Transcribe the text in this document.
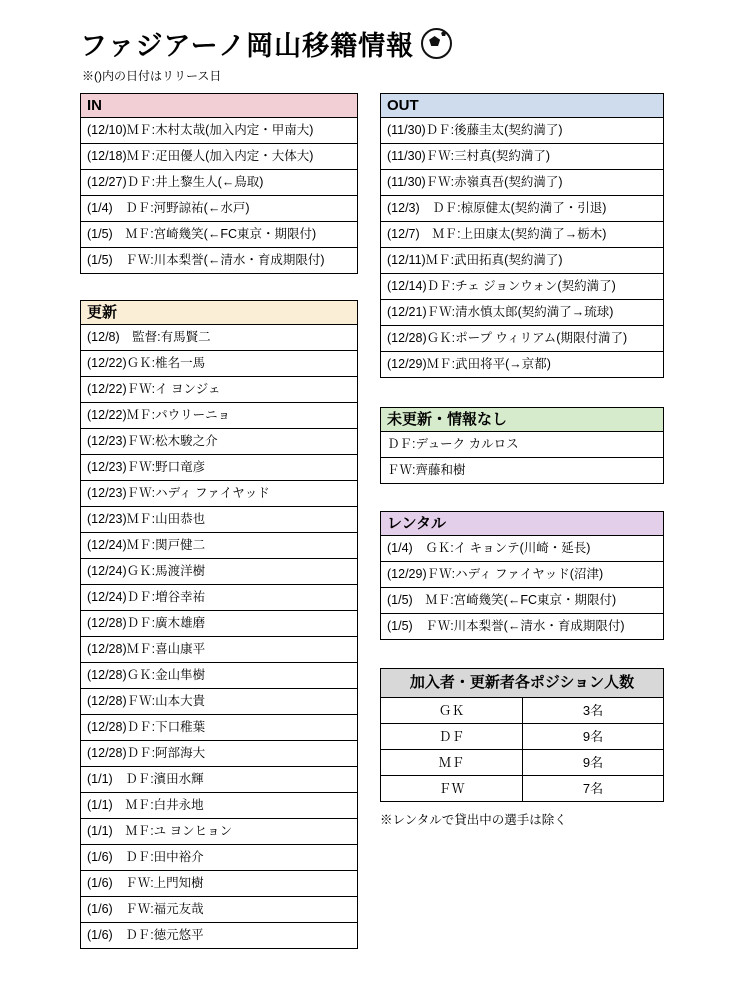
ファジアーノ岡山移籍情報
※()内の日付はリリース日
IN
(12/10)ＭＦ:木村太哉(加入内定・甲南大)
(12/18)ＭＦ:疋田優人(加入内定・大体大)
(12/27)ＤＦ:井上黎生人(←鳥取)
(1/4)　ＤＦ:河野諒祐(←水戸)
(1/5)　ＭＦ:宮崎幾笑(←FC東京・期限付)
(1/5)　ＦＷ:川本梨誉(←清水・育成期限付)
更新
(12/8)　監督:有馬賢二
(12/22)ＧＫ:椎名一馬
(12/22)ＦＷ:イ ヨンジェ
(12/22)ＭＦ:パウリーニョ
(12/23)ＦＷ:松木駿之介
(12/23)ＦＷ:野口竜彦
(12/23)ＦＷ:ハディ ファイヤッド
(12/23)ＭＦ:山田恭也
(12/24)ＭＦ:関戸健二
(12/24)ＧＫ:馬渡洋樹
(12/24)ＤＦ:増谷幸祐
(12/28)ＤＦ:廣木雄磨
(12/28)ＭＦ:喜山康平
(12/28)ＧＫ:金山隼樹
(12/28)ＦＷ:山本大貴
(12/28)ＤＦ:下口稚葉
(12/28)ＤＦ:阿部海大
(1/1)　ＤＦ:濱田水輝
(1/1)　ＭＦ:白井永地
(1/1)　ＭＦ:ユ ヨンヒョン
(1/6)　ＤＦ:田中裕介
(1/6)　ＦＷ:上門知樹
(1/6)　ＦＷ:福元友哉
(1/6)　ＤＦ:徳元悠平
OUT
(11/30)ＤＦ:後藤圭太(契約満了)
(11/30)ＦＷ:三村真(契約満了)
(11/30)ＦＷ:赤嶺真吾(契約満了)
(12/3)　ＤＦ:椋原健太(契約満了・引退)
(12/7)　ＭＦ:上田康太(契約満了→栃木)
(12/11)ＭＦ:武田拓真(契約満了)
(12/14)ＤＦ:チェ ジョンウォン(契約満了)
(12/21)ＦＷ:清水慎太郎(契約満了→琉球)
(12/28)ＧＫ:ポープ ウィリアム(期限付満了)
(12/29)ＭＦ:武田将平(→京都)
未更新・情報なし
ＤＦ:デューク カルロス
ＦＷ:齊藤和樹
レンタル
(1/4)　ＧＫ:イ キョンテ(川崎・延長)
(12/29)ＦＷ:ハディ ファイヤッド(沼津)
(1/5)　ＭＦ:宮崎幾笑(←FC東京・期限付)
(1/5)　ＦＷ:川本梨誉(←清水・育成期限付)
加入者・更新者各ポジション人数
ＧＫ	3名
ＤＦ	9名
ＭＦ	9名
ＦＷ	7名
※レンタルで貸出中の選手は除く
